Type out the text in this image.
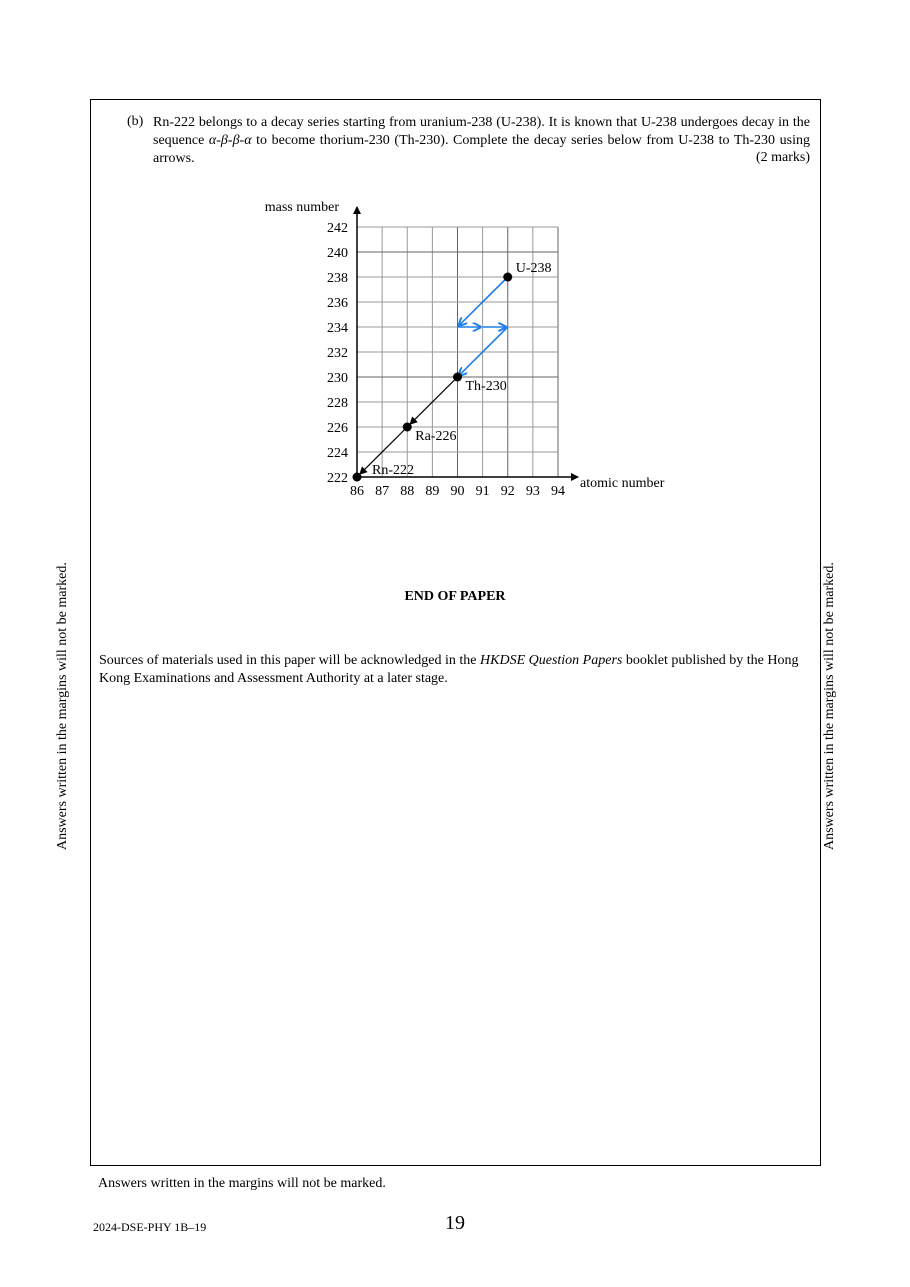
(b) Rn-222 belongs to a decay series starting from uranium-238 (U-238). It is known that U-238 undergoes decay in the sequence α-β-β-α to become thorium-230 (Th-230). Complete the decay series below from U-238 to Th-230 using arrows.	(2 marks)
86 87 88 89 90 91 92 93 94
222
224
226
228
230
232
234
236
238
240
242
U-238
Th-230
Ra-226
Rn-222
mass number
atomic number
END OF PAPER
Sources of materials used in this paper will be acknowledged in the HKDSE Question Papers booklet published by the Hong Kong Examinations and Assessment Authority at a later stage.
Answers written in the margins will not be marked.	Answers written in the margins will not be marked.
Answers written in the margins will not be marked.
2024-DSE-PHY 1B–19	19
